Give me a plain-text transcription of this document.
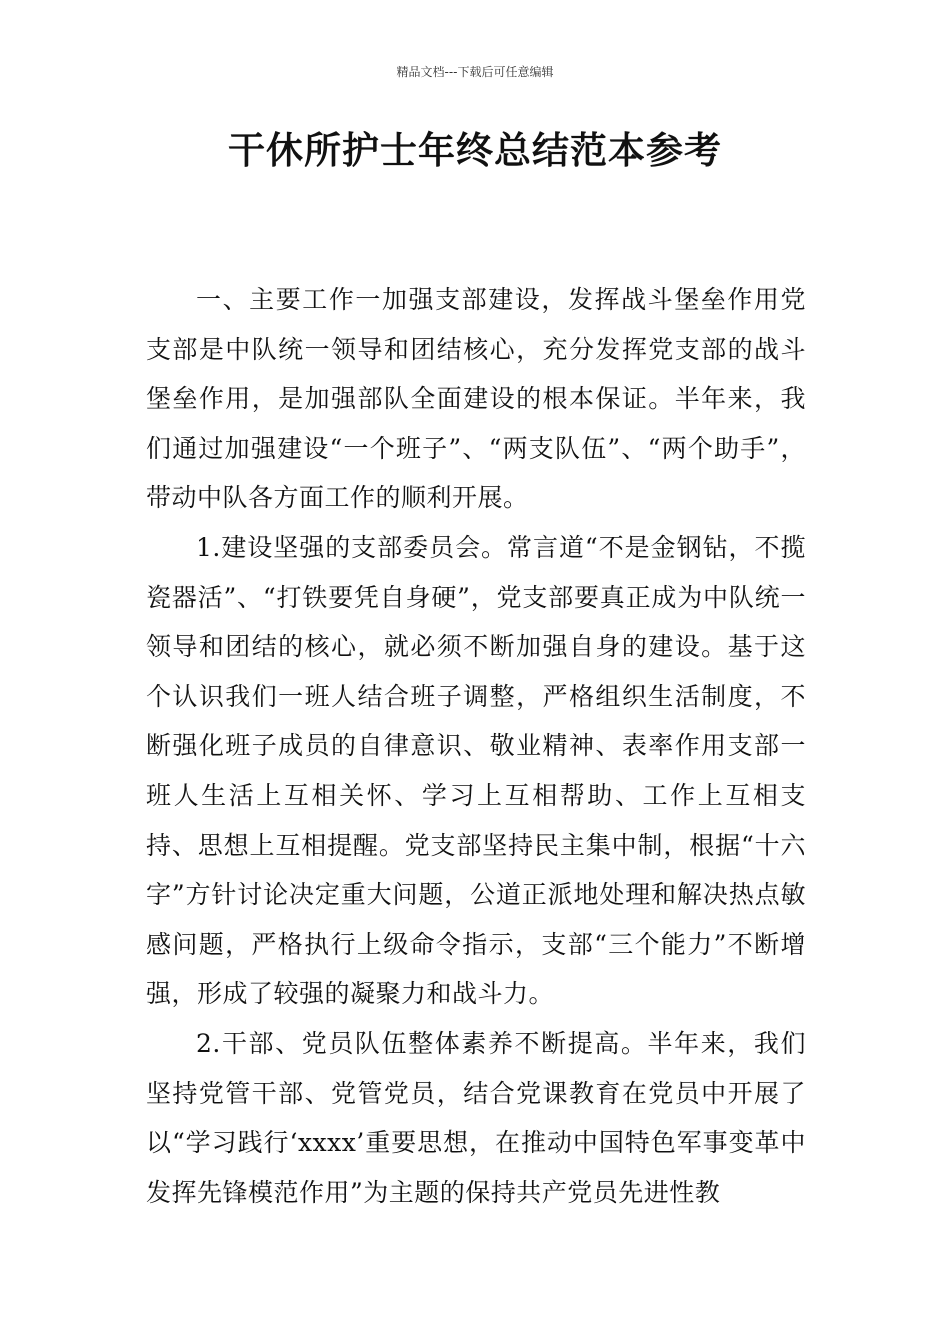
精品文档---下载后可任意编辑
干休所护士年终总结范本参考

一、主要工作一加强支部建设，发挥战斗堡垒作用党支部是中队统一领导和团结核心，充分发挥党支部的战斗堡垒作用，是加强部队全面建设的根本保证。半年来，我们通过加强建设“一个班子”、“两支队伍”、“两个助手”，带动中队各方面工作的顺利开展。

1.建设坚强的支部委员会。常言道“不是金钢钻，不揽瓷器活”、“打铁要凭自身硬”，党支部要真正成为中队统一领导和团结的核心，就必须不断加强自身的建设。基于这个认识我们一班人结合班子调整，严格组织生活制度，不断强化班子成员的自律意识、敬业精神、表率作用支部一班人生活上互相关怀、学习上互相帮助、工作上互相支持、思想上互相提醒。党支部坚持民主集中制，根据“十六字”方针讨论决定重大问题，公道正派地处理和解决热点敏感问题，严格执行上级命令指示，支部“三个能力”不断增强，形成了较强的凝聚力和战斗力。

2.干部、党员队伍整体素养不断提高。半年来，我们坚持党管干部、党管党员，结合党课教育在党员中开展了以“学习践行‘xxxx’重要思想，在推动中国特色军事变革中发挥先锋模范作用”为主题的保持共产党员先进性教
